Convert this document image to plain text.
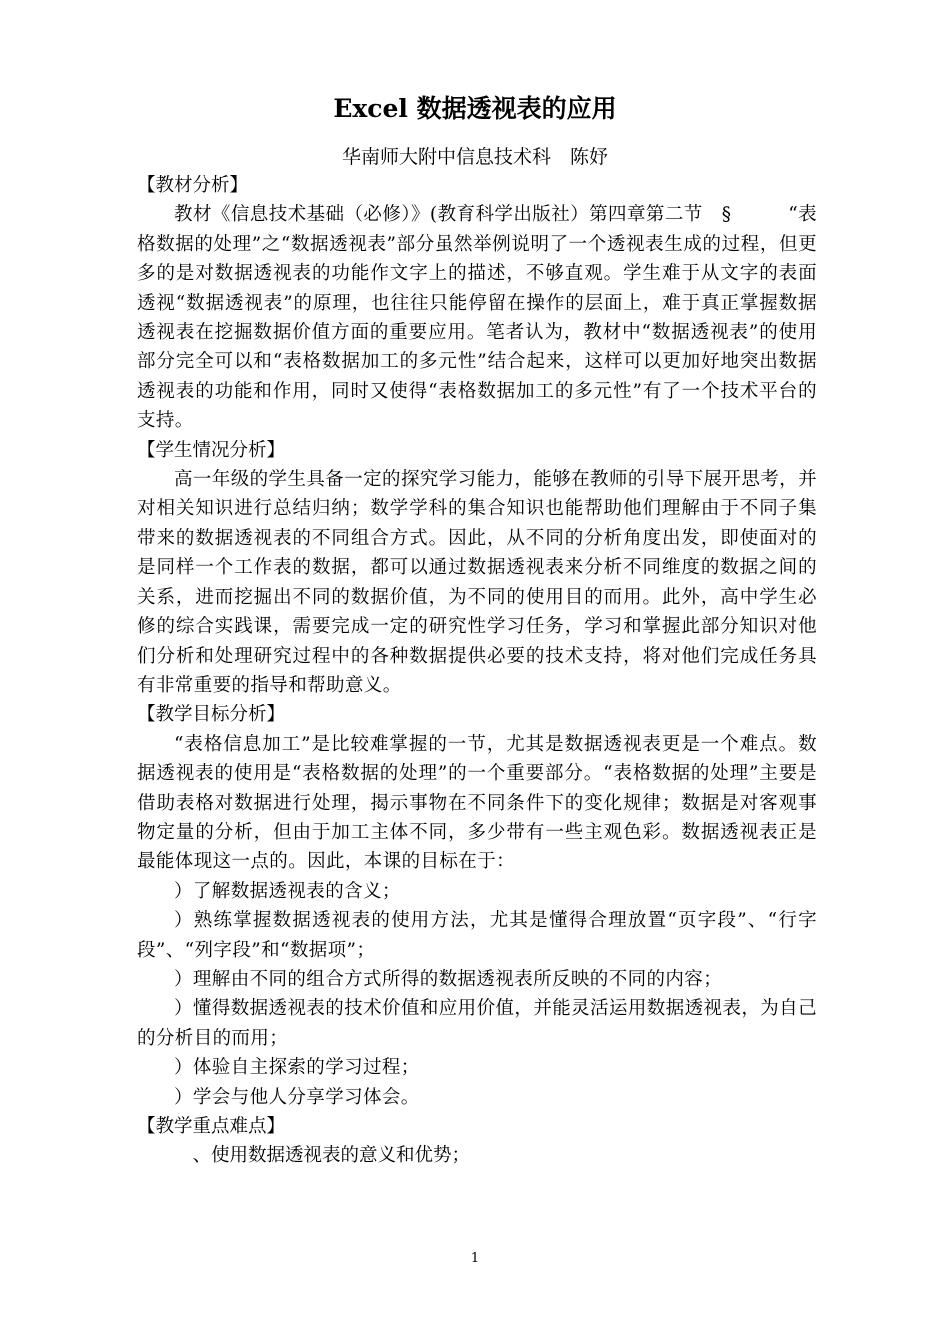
Excel 数据透视表的应用
华南师大附中信息技术科　陈妤

【教材分析】

教材《信息技术基础（必修）》(教育科学出版社）第四章第二节　§　　　“表格数据的处理”之“数据透视表”部分虽然举例说明了一个透视表生成的过程，但更多的是对数据透视表的功能作文字上的描述，不够直观。学生难于从文字的表面透视“数据透视表”的原理，也往往只能停留在操作的层面上，难于真正掌握数据透视表在挖掘数据价值方面的重要应用。笔者认为，教材中“数据透视表”的使用部分完全可以和“表格数据加工的多元性”结合起来，这样可以更加好地突出数据透视表的功能和作用，同时又使得“表格数据加工的多元性”有了一个技术平台的支持。

【学生情况分析】

高一年级的学生具备一定的探究学习能力，能够在教师的引导下展开思考，并对相关知识进行总结归纳；数学学科的集合知识也能帮助他们理解由于不同子集带来的数据透视表的不同组合方式。因此，从不同的分析角度出发，即使面对的是同样一个工作表的数据，都可以通过数据透视表来分析不同维度的数据之间的关系，进而挖掘出不同的数据价值，为不同的使用目的而用。此外，高中学生必修的综合实践课，需要完成一定的研究性学习任务，学习和掌握此部分知识对他们分析和处理研究过程中的各种数据提供必要的技术支持，将对他们完成任务具有非常重要的指导和帮助意义。

【教学目标分析】

“表格信息加工”是比较难掌握的一节，尤其是数据透视表更是一个难点。数据透视表的使用是“表格数据的处理”的一个重要部分。“表格数据的处理”主要是借助表格对数据进行处理，揭示事物在不同条件下的变化规律；数据是对客观事物定量的分析，但由于加工主体不同，多少带有一些主观色彩。数据透视表正是最能体现这一点的。因此，本课的目标在于：

）了解数据透视表的含义；

）熟练掌握数据透视表的使用方法，尤其是懂得合理放置“页字段”、“行字段”、“列字段”和“数据项”；

）理解由不同的组合方式所得的数据透视表所反映的不同的内容；

）懂得数据透视表的技术价值和应用价值，并能灵活运用数据透视表，为自己的分析目的而用；

）体验自主探索的学习过程；

）学会与他人分享学习体会。

【教学重点难点】

、使用数据透视表的意义和优势；

1
